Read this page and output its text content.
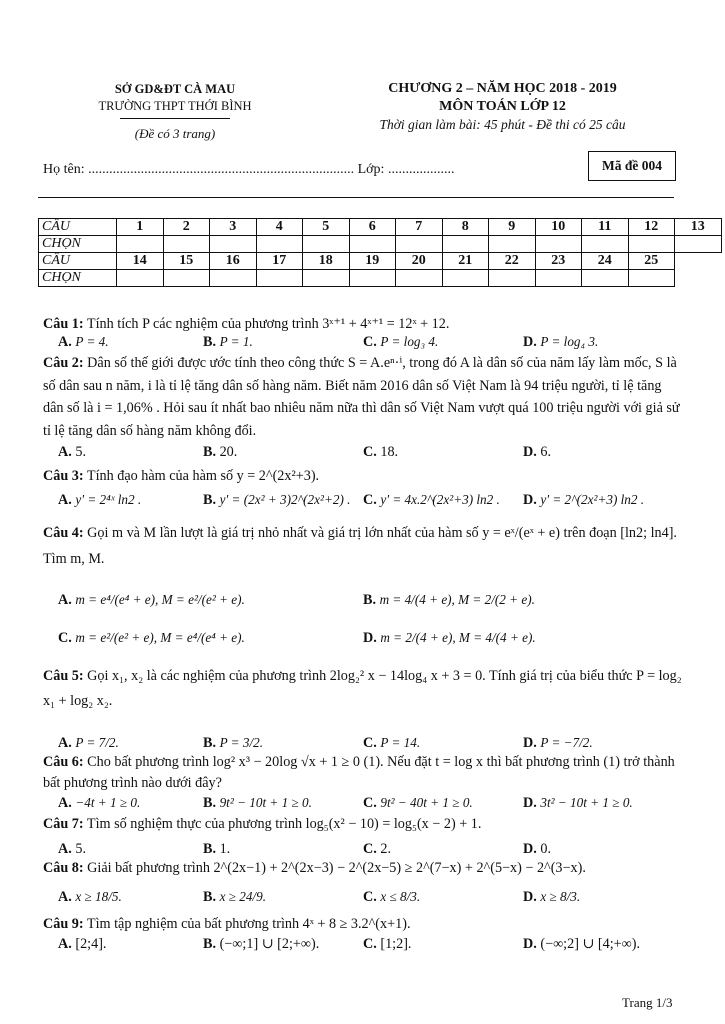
SỞ GD&ĐT CÀ MAU
TRƯỜNG THPT THỚI BÌNH
(Đề có 3 trang)
CHƯƠNG 2 – NĂM HỌC 2018 - 2019
MÔN TOÁN LỚP 12
Thời gian làm bài: 45 phút - Đề thi có 25 câu
Mã đề 004
Họ tên: ............................................................................ Lớp: ...................
CÂU	1	2	3	4	5	6	7	8	9	10	11	12	13
CHỌN													
CÂU	14	15	16	17	18	19	20	21	22	23	24	25	
CHỌN													
Câu 1: Tính tích P các nghiệm của phương trình 3ˣ⁺¹ + 4ˣ⁺¹ = 12ˣ + 12.
A. P = 4.	B. P = 1.	C. P = log₃ 4.	D. P = log₄ 3.
Câu 2: Dân số thế giới được ước tính theo công thức S = A.eⁿ·ⁱ, trong đó A là dân số của năm lấy làm mốc, S là số dân sau n năm, i là tỉ lệ tăng dân số hàng năm. Biết năm 2016 dân số Việt Nam là 94 triệu người, tỉ lệ tăng dân số là i = 1,06% . Hỏi sau ít nhất bao nhiêu năm nữa thì dân số Việt Nam vượt quá 100 triệu người với giả sử tỉ lệ tăng dân số hàng năm không đổi.
A. 5.	B. 20.	C. 18.	D. 6.
Câu 3: Tính đạo hàm của hàm số y = 2^(2x²+3).
A. y' = 2⁴ˣ ln2 .	B. y' = (2x² + 3)2^(2x²+2) . C. y' = 4x.2^(2x²+3) ln2 . D. y' = 2^(2x²+3) ln2 .
Câu 4: Gọi m và M lần lượt là giá trị nhỏ nhất và giá trị lớn nhất của hàm số y = eˣ/(eˣ + e) trên đoạn [ln2; ln4]. Tìm m, M.
A. m = e⁴/(e⁴ + e), M = e²/(e² + e).	B. m = 4/(4 + e), M = 2/(2 + e).
C. m = e²/(e² + e), M = e⁴/(e⁴ + e).	D. m = 2/(4 + e), M = 4/(4 + e).
Câu 5: Gọi x₁, x₂ là các nghiệm của phương trình 2log₂² x − 14log₄ x + 3 = 0. Tính giá trị của biểu thức P = log₂ x₁ + log₂ x₂.
A. P = 7/2.	B. P = 3/2.	C. P = 14.	D. P = −7/2.
Câu 6: Cho bất phương trình log² x³ − 20log √x + 1 ≥ 0 (1). Nếu đặt t = log x thì bất phương trình (1) trở thành bất phương trình nào dưới đây?
A. −4t + 1 ≥ 0.	B. 9t² − 10t + 1 ≥ 0.	C. 9t² − 40t + 1 ≥ 0.	D. 3t² − 10t + 1 ≥ 0.
Câu 7: Tìm số nghiệm thực của phương trình log₅(x² − 10) = log₅(x − 2) + 1.
A. 5.	B. 1.	C. 2.	D. 0.
Câu 8: Giải bất phương trình 2^(2x−1) + 2^(2x−3) − 2^(2x−5) ≥ 2^(7−x) + 2^(5−x) − 2^(3−x).
A. x ≥ 18/5.	B. x ≥ 24/9.	C. x ≤ 8/3.	D. x ≥ 8/3.
Câu 9: Tìm tập nghiệm của bất phương trình 4ˣ + 8 ≥ 3.2^(x+1).
A. [2;4].	B. (−∞;1] ∪ [2;+∞).	C. [1;2].	D. (−∞;2] ∪ [4;+∞).
Trang 1/3
